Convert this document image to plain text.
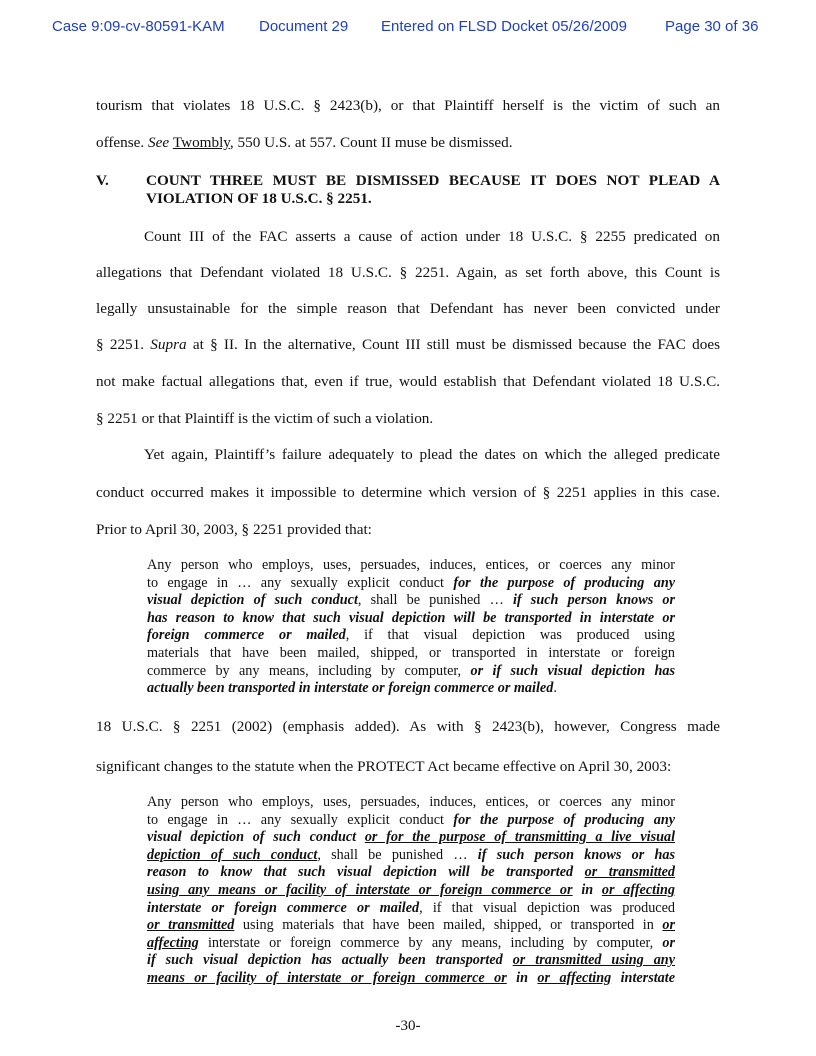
Case 9:09-cv-80591-KAM Document 29 Entered on FLSD Docket 05/26/2009	Page 30 of 36
tourism that violates 18 U.S.C. § 2423(b), or that Plaintiff herself is the victim of such an
offense. See Twombly, 550 U.S. at 557. Count II muse be dismissed.
V. COUNT THREE MUST BE DISMISSED BECAUSE IT DOES NOT PLEAD A
VIOLATION OF 18 U.S.C. § 2251.
Count III of the FAC asserts a cause of action under 18 U.S.C. § 2255 predicated on
allegations that Defendant violated 18 U.S.C. § 2251. Again, as set forth above, this Count is
legally unsustainable for the simple reason that Defendant has never been convicted under
§ 2251. Supra at § II. In the alternative, Count III still must be dismissed because the FAC does
not make factual allegations that, even if true, would establish that Defendant violated 18 U.S.C.
§ 2251 or that Plaintiff is the victim of such a violation.
Yet again, Plaintiff’s failure adequately to plead the dates on which the alleged predicate
conduct occurred makes it impossible to determine which version of § 2251 applies in this case.
Prior to April 30, 2003, § 2251 provided that:
Any person who employs, uses, persuades, induces, entices, or coerces any minor
to engage in … any sexually explicit conduct for the purpose of producing any
visual depiction of such conduct, shall be punished … if such person knows or
has reason to know that such visual depiction will be transported in interstate or
foreign commerce or mailed, if that visual depiction was produced using
materials that have been mailed, shipped, or transported in interstate or foreign
commerce by any means, including by computer, or if such visual depiction has
actually been transported in interstate or foreign commerce or mailed.
18 U.S.C. § 2251 (2002) (emphasis added). As with § 2423(b), however, Congress made
significant changes to the statute when the PROTECT Act became effective on April 30, 2003:
Any person who employs, uses, persuades, induces, entices, or coerces any minor
to engage in … any sexually explicit conduct for the purpose of producing any
visual depiction of such conduct or for the purpose of transmitting a live visual
depiction of such conduct, shall be punished … if such person knows or has
reason to know that such visual depiction will be transported or transmitted
using any means or facility of interstate or foreign commerce or in or affecting
interstate or foreign commerce or mailed, if that visual depiction was produced
or transmitted using materials that have been mailed, shipped, or transported in or
affecting interstate or foreign commerce by any means, including by computer, or
if such visual depiction has actually been transported or transmitted using any
means or facility of interstate or foreign commerce or in or affecting interstate
-30-
